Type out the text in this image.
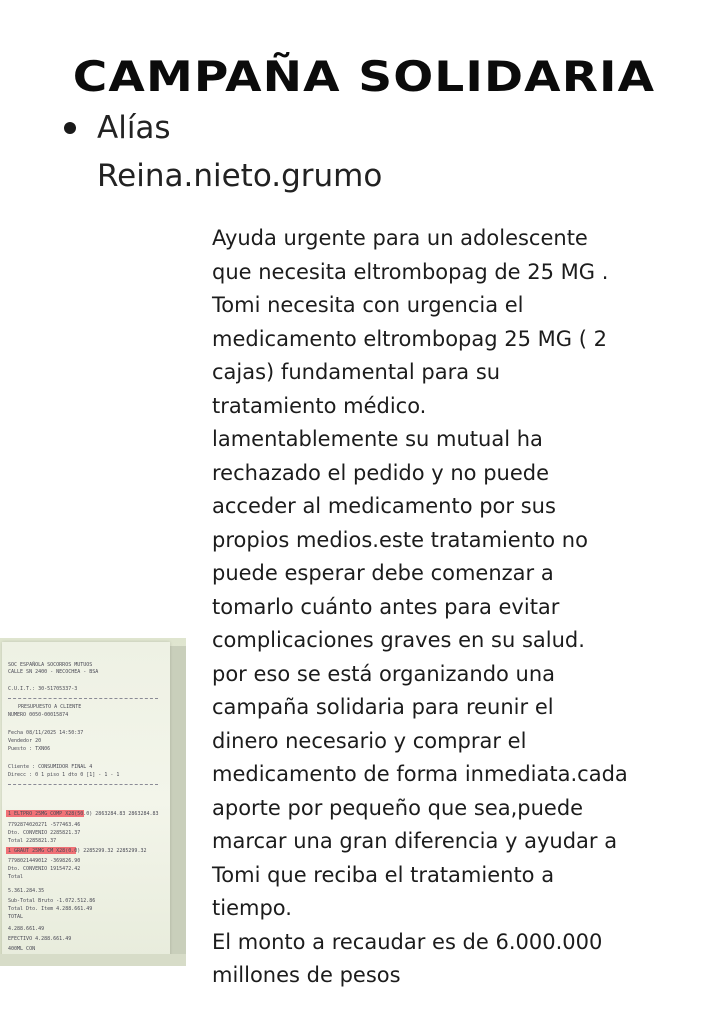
CAMPAÑA SOLIDARIA
Alías
Reina.nieto.grumo
Ayuda urgente para un adolescente
que necesita eltrombopag de 25 MG .
Tomi necesita con urgencia el
medicamento eltrombopag 25 MG ( 2
cajas) fundamental para su
tratamiento médico.
lamentablemente su mutual ha
rechazado el pedido y no puede
acceder al medicamento por sus
propios medios.este tratamiento no
puede esperar debe comenzar a
tomarlo cuánto antes para evitar
complicaciones graves en su salud.
por eso se está organizando una
campaña solidaria para reunir el
dinero necesario y comprar el
medicamento de forma inmediata.cada
aporte por pequeño que sea,puede
marcar una gran diferencia y ayudar a
Tomi que reciba el tratamiento a
tiempo.
El monto a recaudar es de 6.000.000
millones de pesos
SOC ESPAÑOLA SOCORROS MUTUOS
CALLE SN 2400 - NECOCHEA - BSA
C.U.I.T.: 30-51705337-3
PRESUPUESTO A CLIENTE
NUMERO 0050-00015874
Fecha 08/11/2025 14:50:37
Vendedor 20
Puesto : TXN06
Cliente : CONSUMIDOR FINAL 4
Direcc : 0 1 piso 1 dto 0 [1] - 1 - 1
1 ELTPRO 25MG COMP X28(50.0) 2863284.83 2863284.83
7792874020271 -577463.46
Dto. CONVENIO 2285821.37
Total 2285821.37
1 GRAUT 25MG CM X28(0.0) 2285299.32 2285299.32
7798021449012 -369826.90
Dto. CONVENIO 1915472.42
Total
5.361.284.35
Sub-Total Bruto -1.072.512.86
Total Dto. Item 4.288.661.49
TOTAL
4.288.661.49
EFECTIVO 4.288.661.49
400ML CON
